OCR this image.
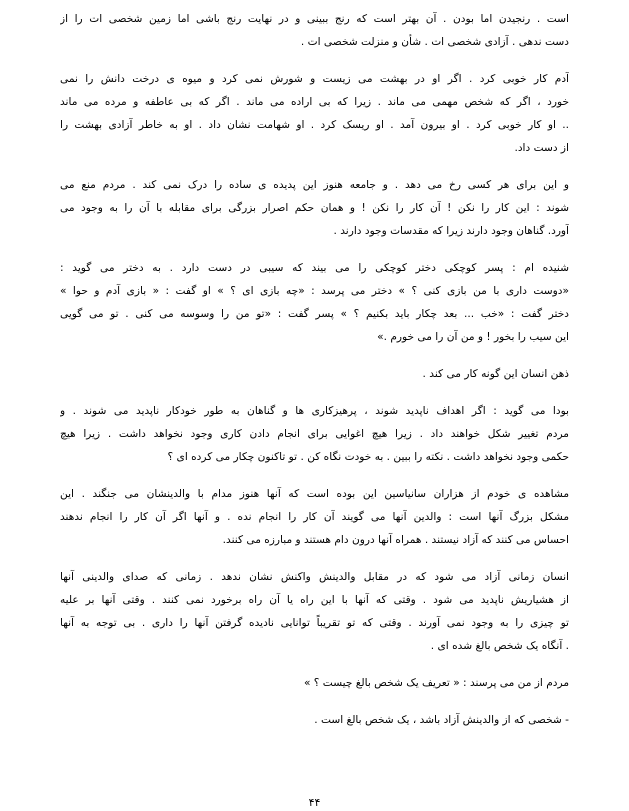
است . رنجیدن اما بودن . آن بهتر است که رنج ببینی و در نهایت رنج باشی اما زمین شخصی ات را از
دست ندهی . آزادی شخصی ات . شأن و منزلت شخصی ات .
آدم کار خوبی کرد . اگر او در بهشت می زیست و شورش نمی کرد و میوه ی درخت دانش را نمی
خورد ، اگر که شخص مهمی می ماند . زیرا که بی اراده می ماند . اگر که بی عاطفه و مرده می ماند
.. او کار خوبی کرد . او بیرون آمد . او ریسک کرد . او شهامت نشان داد . او به خاطر آزادی بهشت را
از دست داد.
و این برای هر کسی رخ می دهد . و جامعه هنوز این پدیده ی ساده را درک نمی کند . مردم منع می
شوند : این کار را نکن ! آن کار را نکن ! و همان حکم اصرار بزرگی برای مقابله با آن را به وجود می
آورد. گناهان وجود دارند زیرا که مقدسات وجود دارند .
شنیده ام : پسر کوچکی دختر کوچکی را می بیند که سیبی در دست دارد . به دختر می گوید :
«دوست داری با من بازی کنی ؟ » دختر می پرسد : «چه بازی ای ؟ » او گفت : « بازی آدم و حوا »
دختر گفت : «خب ... بعد چکار باید بکنیم ؟ » پسر گفت : «تو من را وسوسه می کنی . تو می گویی
این سیب را بخور ! و من آن را می خورم .»
ذهن انسان این گونه کار می کند .
بودا می گوید : اگر اهداف ناپدید شوند ، پرهیزکاری ها و گناهان به طور خودکار ناپدید می شوند . و
مردم تغییر شکل خواهند داد . زیرا هیچ اغوایی برای انجام دادن کاری وجود نخواهد داشت . زیرا هیچ
حکمی وجود نخواهد داشت . نکته را ببین . به خودت نگاه کن . تو تاکنون چکار می کرده ای ؟
مشاهده ی خودم از هزاران سانیاسین این بوده است که آنها هنوز مدام با والدینشان می جنگند . این
مشکل بزرگ آنها است : والدین آنها می گویند آن کار را انجام نده . و آنها اگر آن کار را انجام ندهند
احساس می کنند که آزاد نیستند . همراه آنها درون دام هستند و مبارزه می کنند.
انسان زمانی آزاد می شود که در مقابل والدینش واکنش نشان ندهد . زمانی که صدای والدینی آنها
از هشیاریش ناپدید می شود . وقتی که آنها با این راه یا آن راه برخورد نمی کنند . وقتی آنها بر علیه
تو چیزی را به وجود نمی آورند . وقتی که تو تقریباً توانایی نادیده گرفتن آنها را داری . بی توجه به آنها
. آنگاه یک شخص بالغ شده ای .
مردم از من می پرسند : « تعریف یک شخص بالغ چیست ؟ »
- شخصی که از والدینش آزاد باشد ، یک شخص بالغ است .
۴۴
